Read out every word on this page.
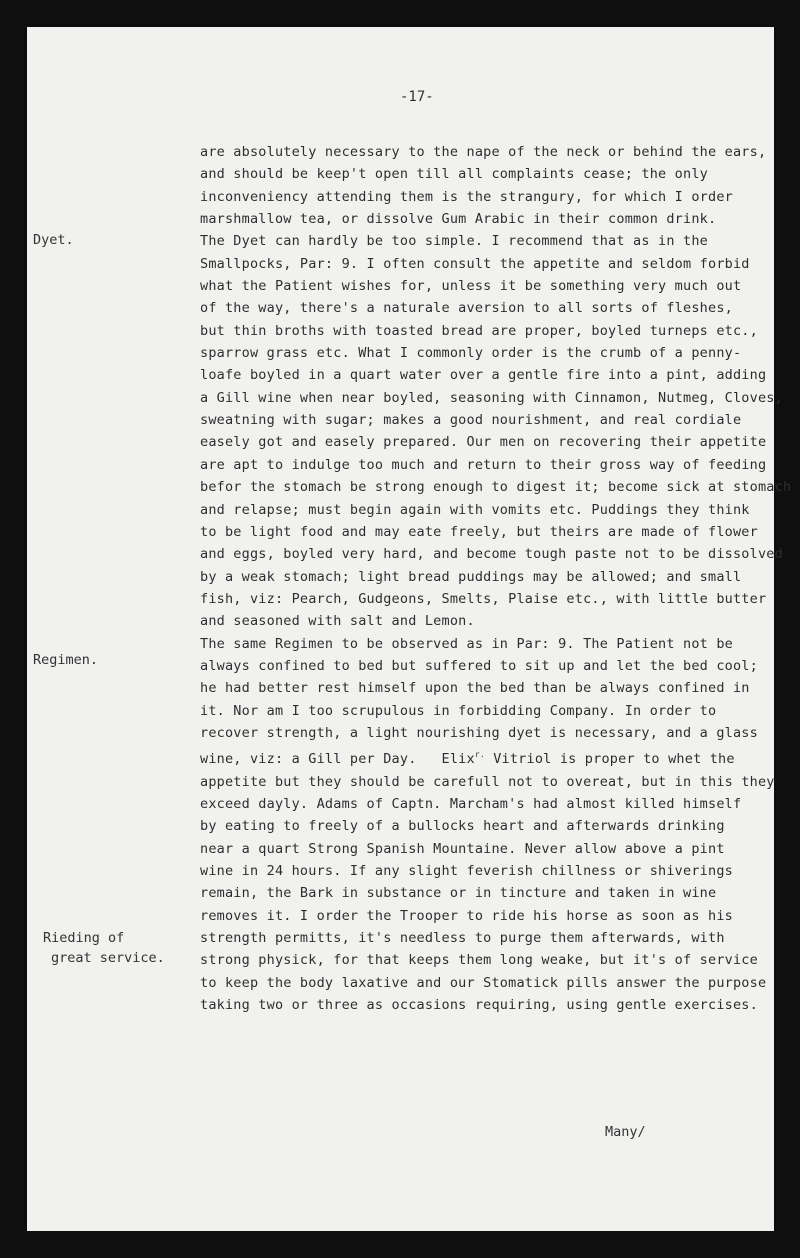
-17-
Dyet.
Regimen.
Rieding of
great service.
Many/
are absolutely necessary to the nape of the neck or behind the ears,
and should be keep't open till all complaints cease; the only
inconveniency attending them is the strangury, for which I order
marshmallow tea, or dissolve Gum Arabic in their common drink.
The Dyet can hardly be too simple. I recommend that as in the
Smallpocks, Par: 9. I often consult the appetite and seldom forbid
what the Patient wishes for, unless it be something very much out
of the way, there's a naturale aversion to all sorts of fleshes,
but thin broths with toasted bread are proper, boyled turneps etc.,
sparrow grass etc. What I commonly order is the crumb of a penny-
loafe boyled in a quart water over a gentle fire into a pint, adding
a Gill wine when near boyled, seasoning with Cinnamon, Nutmeg, Cloves,
sweatning with sugar; makes a good nourishment, and real cordiale
easely got and easely prepared. Our men on recovering their appetite
are apt to indulge too much and return to their gross way of feeding
befor the stomach be strong enough to digest it; become sick at stomach
and relapse; must begin again with vomits etc. Puddings they think
to be light food and may eate freely, but theirs are made of flower
and eggs, boyled very hard, and become tough paste not to be dissolved
by a weak stomach; light bread puddings may be allowed; and small
fish, viz: Pearch, Gudgeons, Smelts, Plaise etc., with little butter
and seasoned with salt and Lemon.
The same Regimen to be observed as in Par: 9. The Patient not be
always confined to bed but suffered to sit up and let the bed cool;
he had better rest himself upon the bed than be always confined in
it. Nor am I too scrupulous in forbidding Company. In order to
recover strength, a light nourishing dyet is necessary, and a glass
wine, viz: a Gill per Day. Elix$^{r.}$ Vitriol is proper to whet the
appetite but they should be carefull not to overeat, but in this they
exceed dayly. Adams of Captn. Marcham's had almost killed himself
by eating to freely of a bullocks heart and afterwards drinking
near a quart Strong Spanish Mountaine. Never allow above a pint
wine in 24 hours. If any slight feverish chillness or shiverings
remain, the Bark in substance or in tincture and taken in wine
removes it. I order the Trooper to ride his horse as soon as his
strength permitts, it's needless to purge them afterwards, with
strong physick, for that keeps them long weake, but it's of service
to keep the body laxative and our Stomatick pills answer the purpose
taking two or three as occasions requiring, using gentle exercises.
